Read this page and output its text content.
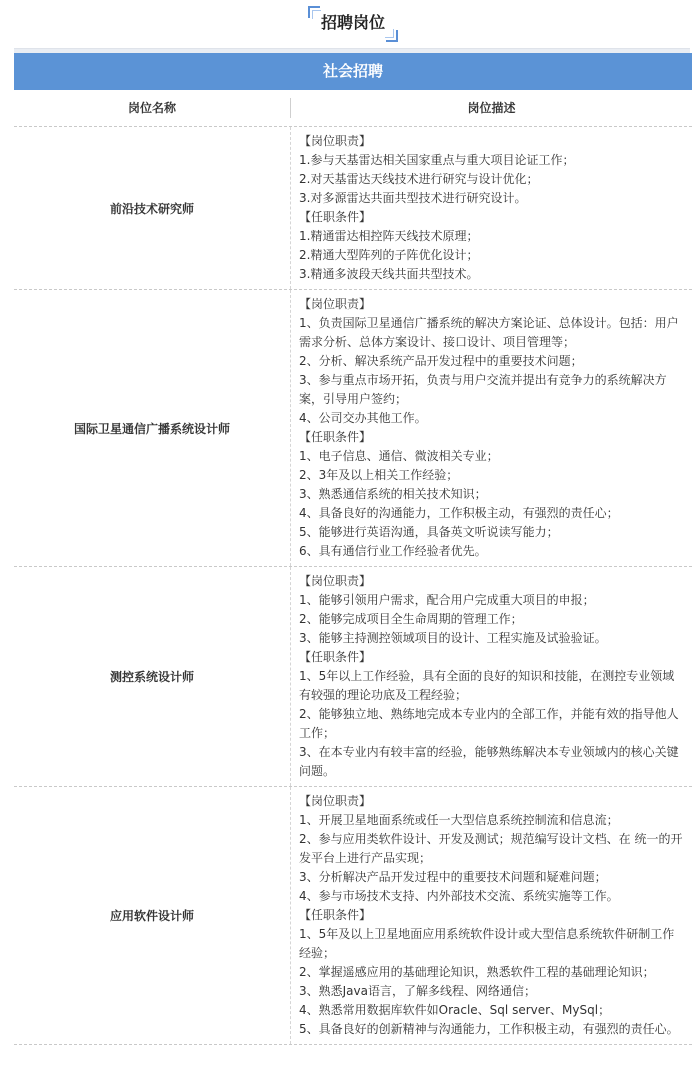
招聘岗位
社会招聘
岗位名称	岗位描述
前沿技术研究师
【岗位职责】
1.参与天基雷达相关国家重点与重大项目论证工作；
2.对天基雷达天线技术进行研究与设计优化；
3.对多源雷达共面共型技术进行研究设计。
【任职条件】
1.精通雷达相控阵天线技术原理；
2.精通大型阵列的子阵优化设计；
3.精通多波段天线共面共型技术。
国际卫星通信广播系统设计师
【岗位职责】
1、负责国际卫星通信广播系统的解决方案论证、总体设计。包括：用户需求分析、总体方案设计、接口设计、项目管理等；
2、分析、解决系统产品开发过程中的重要技术问题；
3、参与重点市场开拓，负责与用户交流并提出有竞争力的系统解决方案，引导用户签约；
4、公司交办其他工作。
【任职条件】
1、电子信息、通信、微波相关专业；
2、3年及以上相关工作经验；
3、熟悉通信系统的相关技术知识；
4、具备良好的沟通能力，工作积极主动，有强烈的责任心；
5、能够进行英语沟通，具备英文听说读写能力；
6、具有通信行业工作经验者优先。
测控系统设计师
【岗位职责】
1、能够引领用户需求，配合用户完成重大项目的申报；
2、能够完成项目全生命周期的管理工作；
3、能够主持测控领域项目的设计、工程实施及试验验证。
【任职条件】
1、5年以上工作经验，具有全面的良好的知识和技能，在测控专业领域有较强的理论功底及工程经验；
2、能够独立地、熟练地完成本专业内的全部工作，并能有效的指导他人工作；
3、在本专业内有较丰富的经验，能够熟练解决本专业领域内的核心关键问题。
应用软件设计师
【岗位职责】
1、开展卫星地面系统或任一大型信息系统控制流和信息流；
2、参与应用类软件设计、开发及测试；规范编写设计文档、在 统一的开发平台上进行产品实现；
3、分析解决产品开发过程中的重要技术问题和疑难问题；
4、参与市场技术支持、内外部技术交流、系统实施等工作。
【任职条件】
1、5年及以上卫星地面应用系统软件设计或大型信息系统软件研制工作经验；
2、掌握遥感应用的基础理论知识，熟悉软件工程的基础理论知识；
3、熟悉Java语言，了解多线程、网络通信；
4、熟悉常用数据库软件如Oracle、Sql server、MySql；
5、具备良好的创新精神与沟通能力，工作积极主动，有强烈的责任心。
